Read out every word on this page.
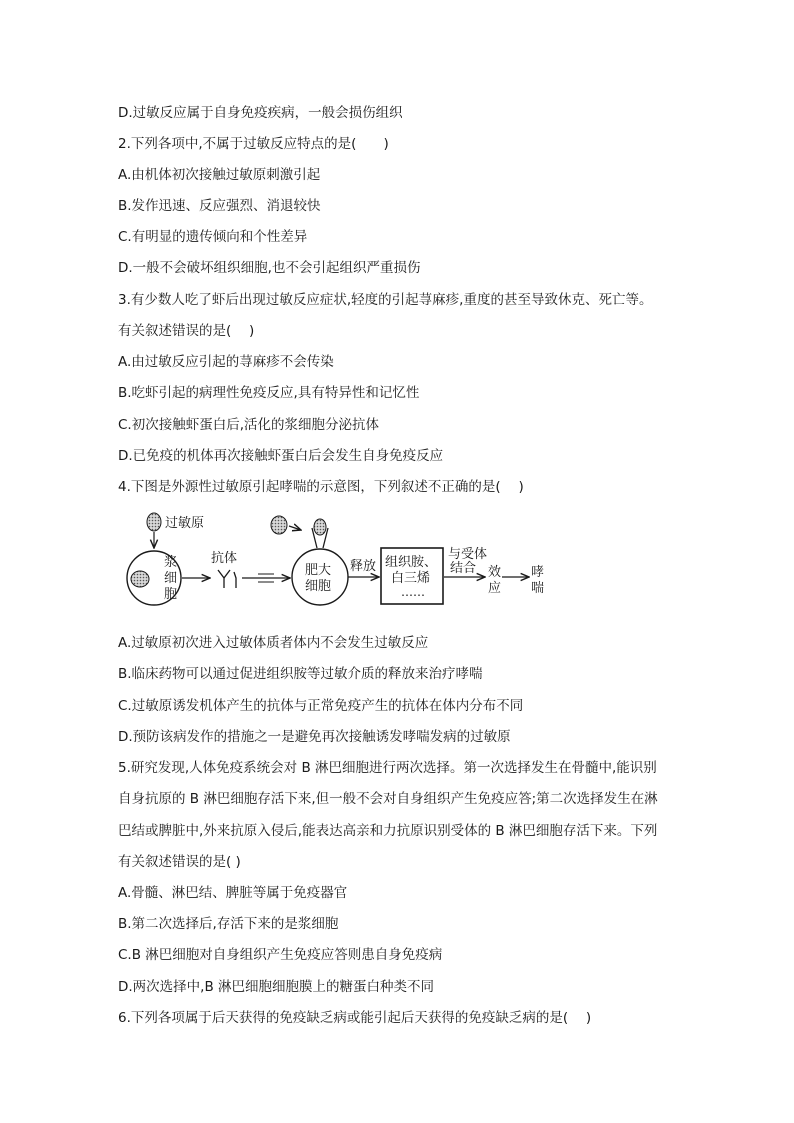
D.过敏反应属于自身免疫疾病，一般会损伤组织
2.下列各项中,不属于过敏反应特点的是(　　)
A.由机体初次接触过敏原刺激引起
B.发作迅速、反应强烈、消退较快
C.有明显的遗传倾向和个性差异
D.一般不会破坏组织细胞,也不会引起组织严重损伤
3.有少数人吃了虾后出现过敏反应症状,轻度的引起荨麻疹,重度的甚至导致休克、死亡等。
有关叙述错误的是(　 )
A.由过敏反应引起的荨麻疹不会传染
B.吃虾引起的病理性免疫反应,具有特异性和记忆性
C.初次接触虾蛋白后,活化的浆细胞分泌抗体
D.已免疫的机体再次接触虾蛋白后会发生自身免疫反应
4.下图是外源性过敏原引起哮喘的示意图，下列叙述不正确的是(　 )
过敏原
浆
细
胞
抗体
肥大
细胞
释放 组织胺、
白三烯
……
与受体
结合 效
应
哮
喘
A.过敏原初次进入过敏体质者体内不会发生过敏反应
B.临床药物可以通过促进组织胺等过敏介质的释放来治疗哮喘
C.过敏原诱发机体产生的抗体与正常免疫产生的抗体在体内分布不同
D.预防该病发作的措施之一是避免再次接触诱发哮喘发病的过敏原
5.研究发现,人体免疫系统会对 B 淋巴细胞进行两次选择。第一次选择发生在骨髓中,能识别
自身抗原的 B 淋巴细胞存活下来,但一般不会对自身组织产生免疫应答;第二次选择发生在淋
巴结或脾脏中,外来抗原入侵后,能表达高亲和力抗原识别受体的 B 淋巴细胞存活下来。下列
有关叙述错误的是( )
A.骨髓、淋巴结、脾脏等属于免疫器官
B.第二次选择后,存活下来的是浆细胞
C.B 淋巴细胞对自身组织产生免疫应答则患自身免疫病
D.两次选择中,B 淋巴细胞细胞膜上的糖蛋白种类不同
6.下列各项属于后天获得的免疫缺乏病或能引起后天获得的免疫缺乏病的是(　 )
